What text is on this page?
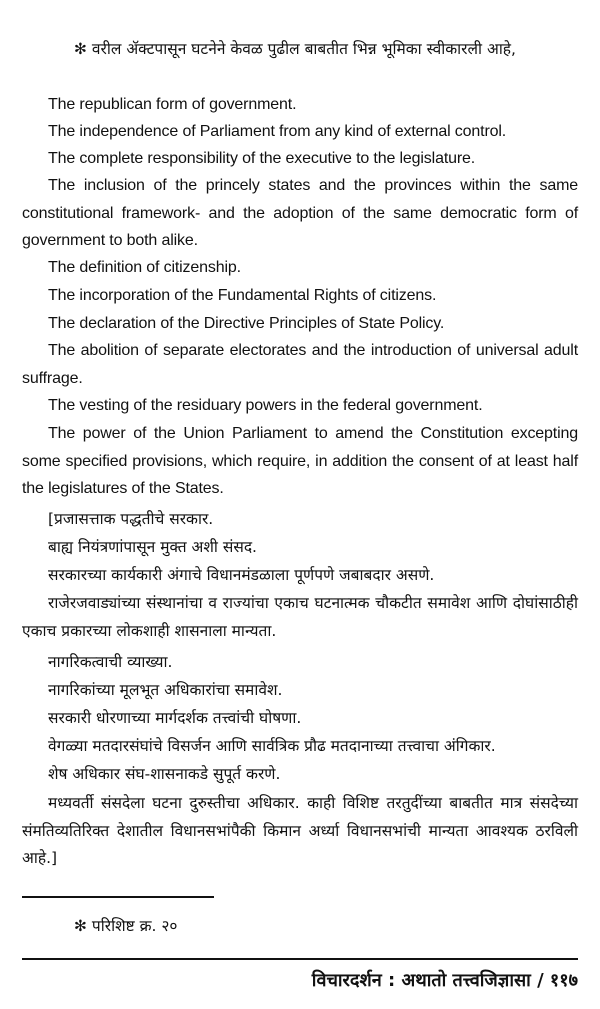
✻ वरील ॲक्टपासून घटनेने केवळ पुढील बाबतीत भिन्न भूमिका स्वीकारली आहे,

The republican form of government.

The independence of Parliament from any kind of external control.

The complete responsibility of the executive to the legislature.

The inclusion of the princely states and the provinces within the same constitutional framework- and the adoption of the same democratic form of government to both alike.

The definition of citizenship.

The incorporation of the Fundamental Rights of citizens.

The declaration of the Directive Principles of State Policy.

The abolition of separate electorates and the introduction of universal adult suffrage.

The vesting of the residuary powers in the federal government.

The power of the Union Parliament to amend the Constitution excepting some specified provisions, which require, in addition the consent of at least half the legislatures of the States.

[प्रजासत्ताक पद्धतीचे सरकार.

बाह्य नियंत्रणांपासून मुक्त अशी संसद.

सरकारच्या कार्यकारी अंगाचे विधानमंडळाला पूर्णपणे जबाबदार असणे.

राजेरजवाड्यांच्या संस्थानांचा व राज्यांचा एकाच घटनात्मक चौकटीत समावेश आणि दोघांसाठीही एकाच प्रकारच्या लोकशाही शासनाला मान्यता.

नागरिकत्वाची व्याख्या.

नागरिकांच्या मूलभूत अधिकारांचा समावेश.

सरकारी धोरणाच्या मार्गदर्शक तत्त्वांची घोषणा.

वेगळ्या मतदारसंघांचे विसर्जन आणि सार्वत्रिक प्रौढ मतदानाच्या तत्त्वाचा अंगिकार.

शेष अधिकार संघ-शासनाकडे सुपूर्त करणे.

मध्यवर्ती संसदेला घटना दुरुस्तीचा अधिकार. काही विशिष्ट तरतुदींच्या बाबतीत मात्र संसदेच्या संमतिव्यतिरिक्त देशातील विधानसभांपैकी किमान अर्ध्या विधानसभांची मान्यता आवश्यक ठरविली आहे.]

✻ परिशिष्ट क्र. २०
विचारदर्शन : अथातो तत्त्वजिज्ञासा / ११७
